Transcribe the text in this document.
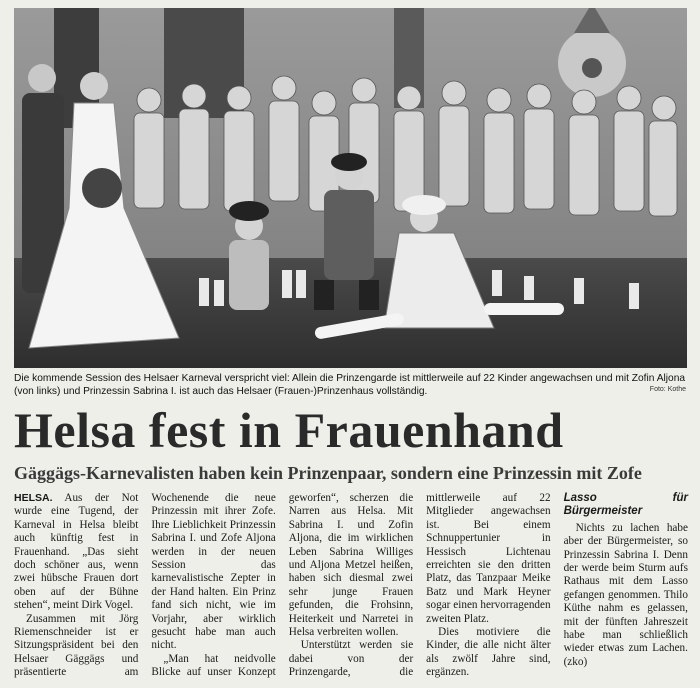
Die kommende Session des Helsaer Karneval verspricht viel: Allein die Prinzengarde ist mittlerweile auf 22 Kinder angewachsen und mit Zofin Aljona (von links) und Prinzessin Sabrina I. ist auch das Helsaer (Frauen-)Prinzenhaus vollständig.	Foto: Kothe
Helsa fest in Frauenhand
Gäggägs-Karnevalisten haben kein Prinzenpaar, sondern eine Prinzessin mit Zofe

HELSA. Aus der Not wurde eine Tugend, der Karneval in Helsa bleibt auch künftig fest in Frauenhand. „Das sieht doch schöner aus, wenn zwei hübsche Frauen dort oben auf der Bühne stehen“, meint Dirk Vogel.

Zusammen mit Jörg Riemenschneider ist er Sitzungspräsident bei den Helsaer Gäggägs und präsentierte am Wochenende die neue Prinzessin mit ihrer Zofe. Ihre Lieblichkeit Prinzessin Sabrina I. und Zofe Aljona werden in der neuen Session das karnevalistische Zepter in der Hand halten. Ein Prinz fand sich nicht, wie im Vorjahr, aber wirklich gesucht habe man auch nicht.

„Man hat neidvolle Blicke auf unser Konzept geworfen“, scherzen die Narren aus Helsa. Mit Sabrina I. und Zofin Aljona, die im wirklichen Leben Sabrina Williges und Aljona Metzel heißen, haben sich diesmal zwei sehr junge Frauen gefunden, die Frohsinn, Heiterkeit und Narretei in Helsa verbreiten wollen.

Unterstützt werden sie dabei von der Prinzengarde, die mittlerweile auf 22 Mitglieder angewachsen ist. Bei einem Schnuppertunier in Hessisch Lichtenau erreichten sie den dritten Platz, das Tanzpaar Meike Batz und Mark Heyner sogar einen hervorragenden zweiten Platz.

Dies motiviere die Kinder, die alle nicht älter als zwölf Jahre sind, ergänzen.

Lasso für Bürgermeister

Nichts zu lachen habe aber der Bürgermeister, so Prinzessin Sabrina I. Denn der werde beim Sturm aufs Rathaus mit dem Lasso gefangen genommen. Thilo Küthe nahm es gelassen, mit der fünften Jahreszeit habe man schließlich wieder etwas zum Lachen. (zko)
